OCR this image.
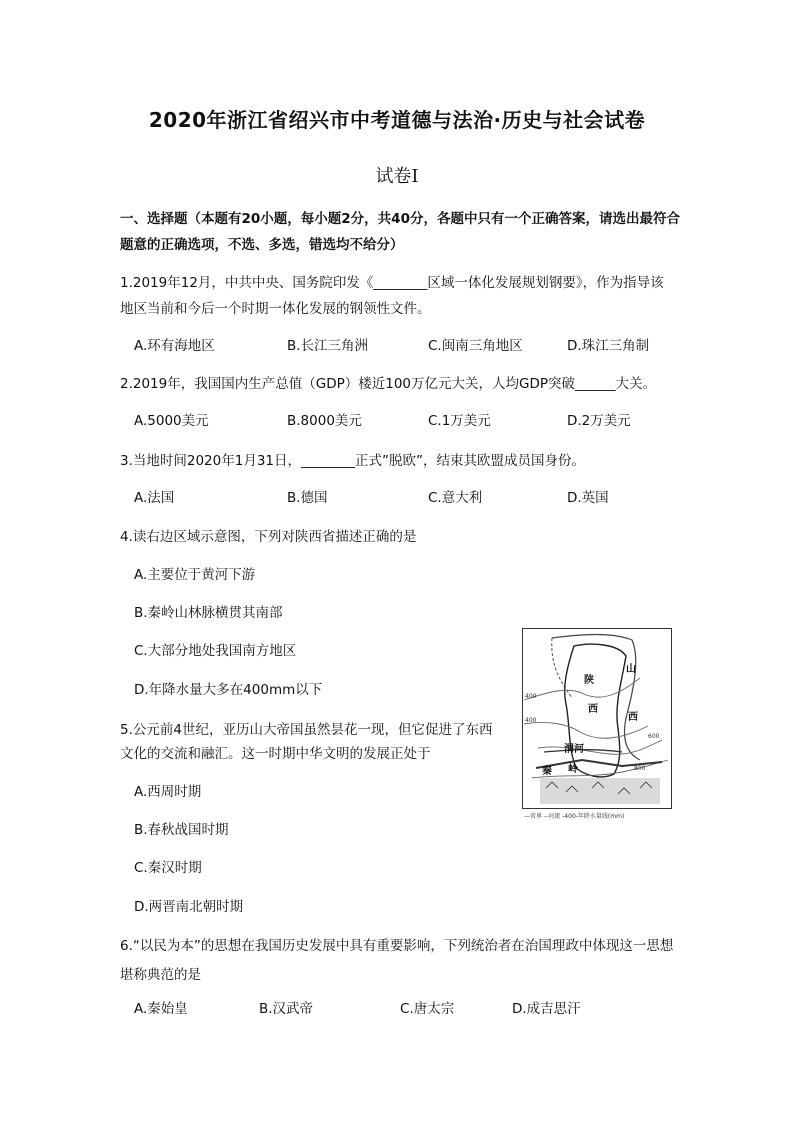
2020年浙江省绍兴市中考道德与法治·历史与社会试卷
试卷Ⅰ
一、选择题（本题有20小题，每小题2分，共40分，各题中只有一个正确答案，请选出最符合题意的正确选项，不选、多选，错选均不给分）
1.2019年12月，中共中央、国务院印发《________区域一体化发展规划钢要》，作为指导该
地区当前和今后一个时期一体化发展的钢领性文件。
A.环有海地区	B.长江三角洲	C.闽南三角地区	D.珠江三角制
2.2019年，我国国内生产总值（GDP）楼近100万亿元大关，人均GDP突破______大关。
A.5000美元	B.8000美元	C.1万美元	D.2万美元
3.当地时间2020年1月31日，________正式”脱欧”，结束其欧盟成员国身份。
A.法国	B.德国	C.意大利	D.英国
4.读右边区域示意图，下列对陕西省描述正确的是
A.主要位于黄河下游
B.秦岭山林脉横贯其南部
C.大部分地处我国南方地区
D.年降水量大多在400mm以下
陕
西
山
西
渭河
秦 岭
400
400
600
800
—省界 --河流 -400-年降水量线(mm)
5.公元前4世纪，亚历山大帝国虽然昙花一现，但它促进了东西
文化的交流和融汇。这一时期中华文明的发展正处于
A.西周时期
B.春秋战国时期
C.秦汉时期
D.两晋南北朝时期
6.“以民为本”的思想在我国历史发展中具有重要影响，下列统治者在治国理政中体现这一思想堪称典范的是
A.秦始皇	B.汉武帝	C.唐太宗	D.成吉思汗
